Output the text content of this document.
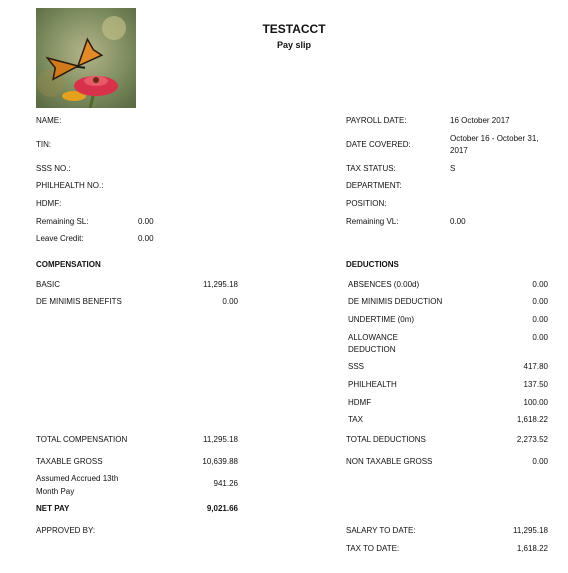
TESTACCT
Pay slip
NAME:
TIN:
SSS NO.:
PHILHEALTH NO.:
HDMF:
Remaining SL:	0.00
Leave Credit:	0.00
PAYROLL DATE:	16 October 2017
DATE COVERED:
October 16 - October 31,
2017
TAX STATUS:	S
DEPARTMENT:
POSITION:
Remaining VL:	0.00
COMPENSATION
BASIC	11,295.18
DE MINIMIS BENEFITS	0.00
TOTAL COMPENSATION	11,295.18
TAXABLE GROSS	10,639.88
Assumed Accrued 13th
Month Pay
941.26
NET PAY	9,021.66
APPROVED BY:
DEDUCTIONS
ABSENCES (0.00d)	0.00
DE MINIMIS DEDUCTION	0.00
UNDERTIME (0m)	0.00
ALLOWANCE
DEDUCTION
0.00
SSS	417.80
PHILHEALTH	137.50
HDMF	100.00
TAX	1,618.22
TOTAL DEDUCTIONS	2,273.52
NON TAXABLE GROSS	0.00
SALARY TO DATE:	11,295.18
TAX TO DATE:	1,618.22
